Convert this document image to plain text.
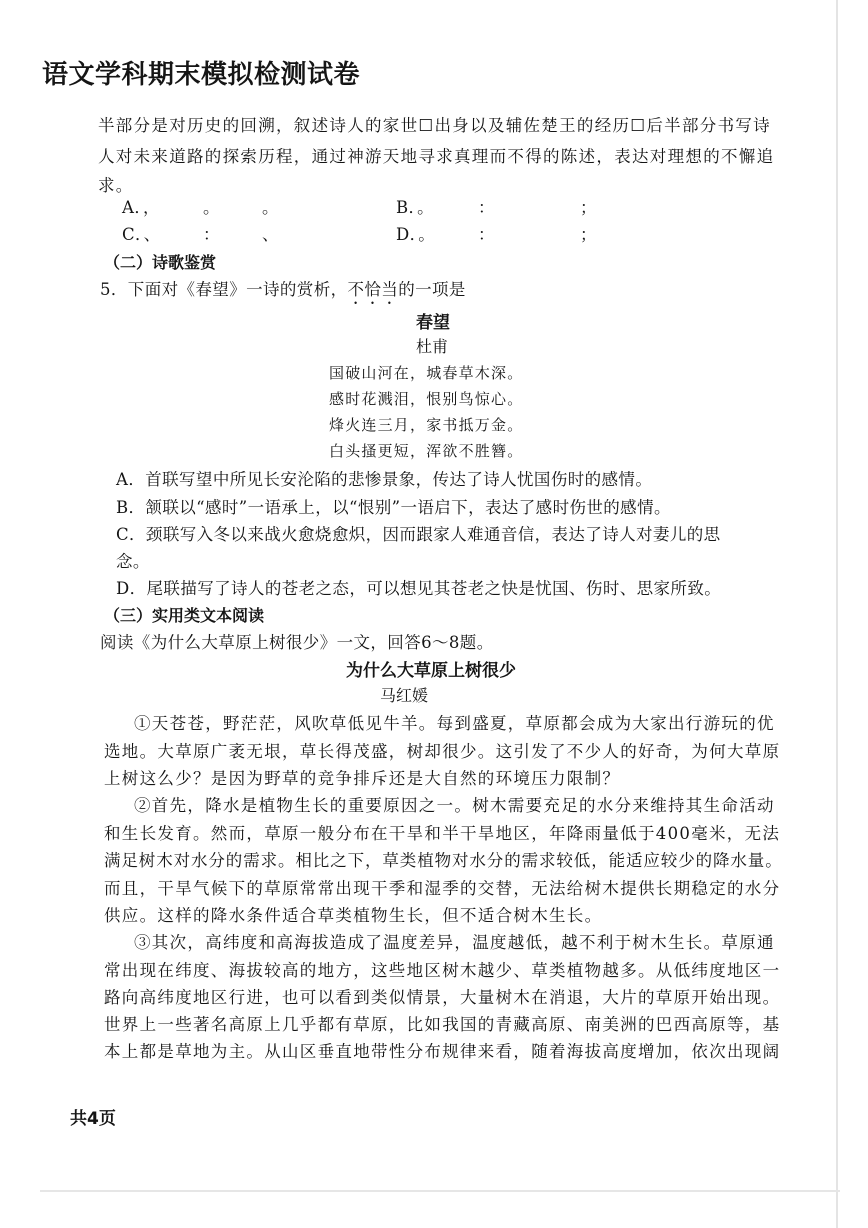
语文学科期末模拟检测试卷
半部分是对历史的回溯，叙述诗人的家世☐出身以及辅佐楚王的经历☐后半部分书写诗
人对未来道路的探索历程，通过神游天地寻求真理而不得的陈述，表达对理想的不懈追
求。
A．，	。	。	B．。	：	；
C．、	：	、	D．。	：	；
（二）诗歌鉴赏
5．下面对《春望》一诗的赏析，不恰当的一项是
春望
杜甫
国破山河在，城春草木深。
感时花溅泪，恨别鸟惊心。
烽火连三月，家书抵万金。
白头搔更短，浑欲不胜簪。
A．首联写望中所见长安沦陷的悲惨景象，传达了诗人忧国伤时的感情。
B．颔联以“感时”一语承上，以“恨别”一语启下，表达了感时伤世的感情。
C．颈联写入冬以来战火愈烧愈炽，因而跟家人难通音信，表达了诗人对妻儿的思
念。
D．尾联描写了诗人的苍老之态，可以想见其苍老之快是忧国、伤时、思家所致。
（三）实用类文本阅读
阅读《为什么大草原上树很少》一文，回答6～8题。
为什么大草原上树很少
马红媛
①天苍苍，野茫茫，风吹草低见牛羊。每到盛夏，草原都会成为大家出行游玩的优
选地。大草原广袤无垠，草长得茂盛，树却很少。这引发了不少人的好奇，为何大草原
上树这么少？是因为野草的竞争排斥还是大自然的环境压力限制？
②首先，降水是植物生长的重要原因之一。树木需要充足的水分来维持其生命活动
和生长发育。然而，草原一般分布在干旱和半干旱地区，年降雨量低于400毫米，无法
满足树木对水分的需求。相比之下，草类植物对水分的需求较低，能适应较少的降水量。
而且，干旱气候下的草原常常出现干季和湿季的交替，无法给树木提供长期稳定的水分
供应。这样的降水条件适合草类植物生长，但不适合树木生长。
③其次，高纬度和高海拔造成了温度差异，温度越低，越不利于树木生长。草原通
常出现在纬度、海拔较高的地方，这些地区树木越少、草类植物越多。从低纬度地区一
路向高纬度地区行进，也可以看到类似情景，大量树木在消退，大片的草原开始出现。
世界上一些著名高原上几乎都有草原，比如我国的青藏高原、南美洲的巴西高原等，基
本上都是草地为主。从山区垂直地带性分布规律来看，随着海拔高度增加，依次出现阔
共4页
